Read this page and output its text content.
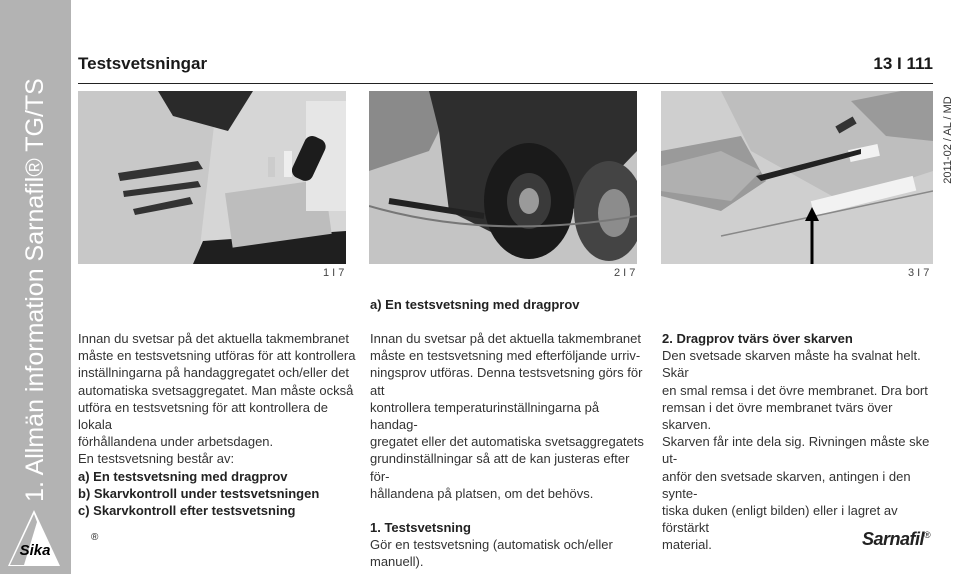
1. Allmän information Sarnafil® TG/TS
Sika
®
Testsvetsningar	13 I 111
2011-02 / AL / MD
1 I 7	2 I 7	3 I 7
a) En testsvetsning med dragprov

Innan du svetsar på det aktuella takmembranet

måste en testsvetsning utföras för att kontrollera

inställningarna på handaggregatet och/eller det

automatiska svetsaggregatet. Man måste också

utföra en testsvetsning för att kontrollera de lokala

förhållandena under arbetsdagen.

En testsvetsning består av:

a) En testsvetsning med dragprov

b) Skarvkontroll under testsvetsningen

c) Skarvkontroll efter testsvetsning

Innan du svetsar på det aktuella takmembranet

måste en testsvetsning med efterföljande urriv-

ningsprov utföras. Denna testsvetsning görs för att

kontrollera temperaturinställningarna på handag-

gregatet eller det automatiska svetsaggregatets

grundinställningar så att de kan justeras efter för-

hållandena på platsen, om det behövs.

1. Testsvetsning

Gör en testsvetsning (automatisk och/eller manuell).

2. Dragprov tvärs över skarven

Den svetsade skarven måste ha svalnat helt. Skär

en smal remsa i det övre membranet. Dra bort

remsan i det övre membranet tvärs över skarven.

Skarven får inte dela sig. Rivningen måste ske ut-

anför den svetsade skarven, antingen i den synte-

tiska duken (enligt bilden) eller i lagret av förstärkt

material.	Sarnafil®
